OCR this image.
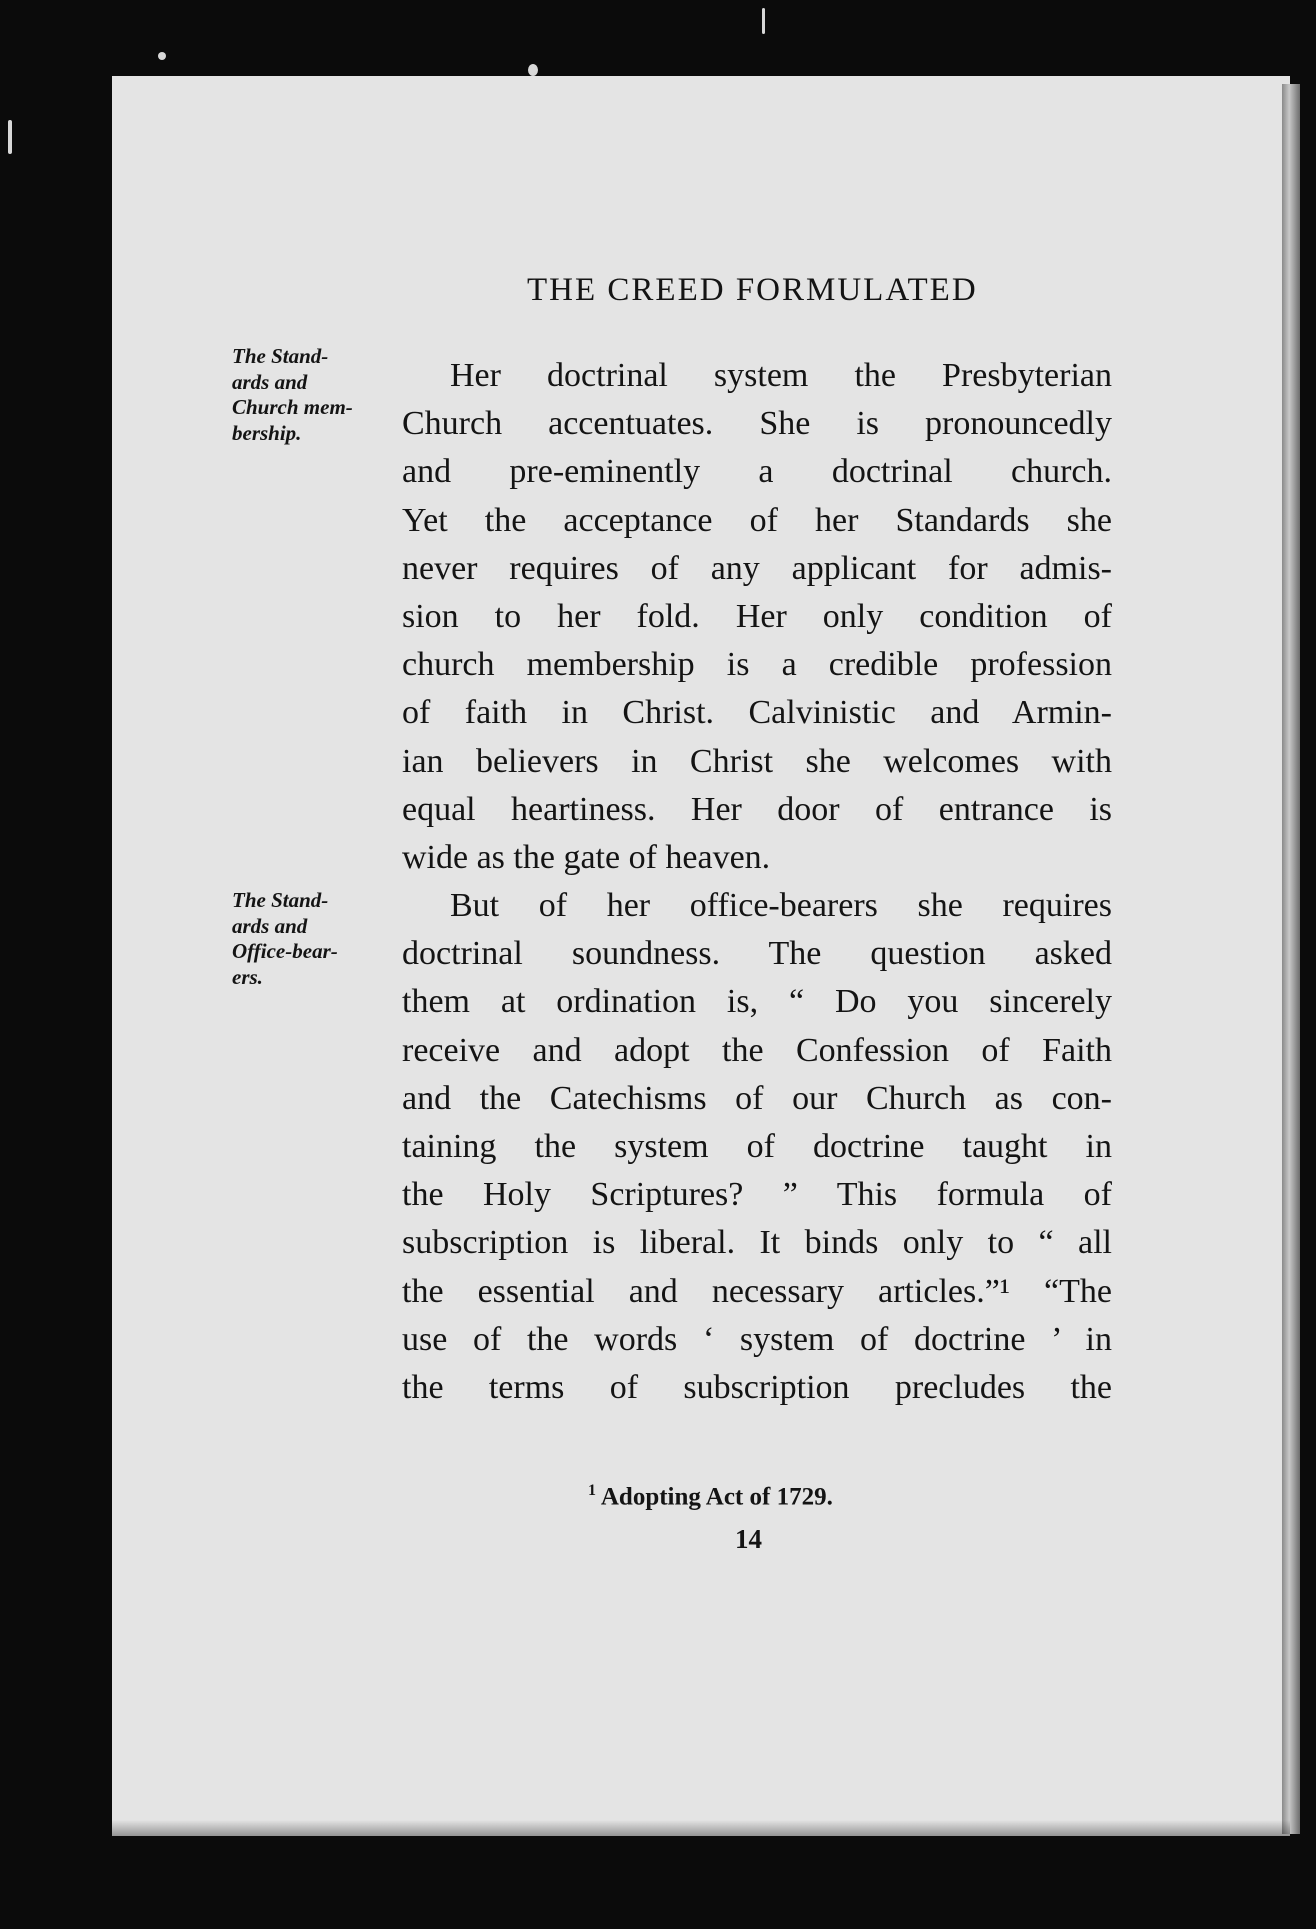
THE CREED FORMULATED
The Stand-
ards and
Church mem-
bership.
The Stand-
ards and
Office-bear-
ers.
Her doctrinal system the Presbyterian
Church accentuates. She is pronouncedly
and pre-eminently a doctrinal church.
Yet the acceptance of her Standards she
never requires of any applicant for admis-
sion to her fold. Her only condition of
church membership is a credible profession
of faith in Christ. Calvinistic and Armin-
ian believers in Christ she welcomes with
equal heartiness. Her door of entrance is
wide as the gate of heaven.
But of her office-bearers she requires
doctrinal soundness. The question asked
them at ordination is, “ Do you sincerely
receive and adopt the Confession of Faith
and the Catechisms of our Church as con-
taining the system of doctrine taught in
the Holy Scriptures? ” This formula of
subscription is liberal. It binds only to “ all
the essential and necessary articles.”¹ “The
use of the words ‘ system of doctrine ’ in
the terms of subscription precludes the
$^1$ Adopting Act of 1729.
14
